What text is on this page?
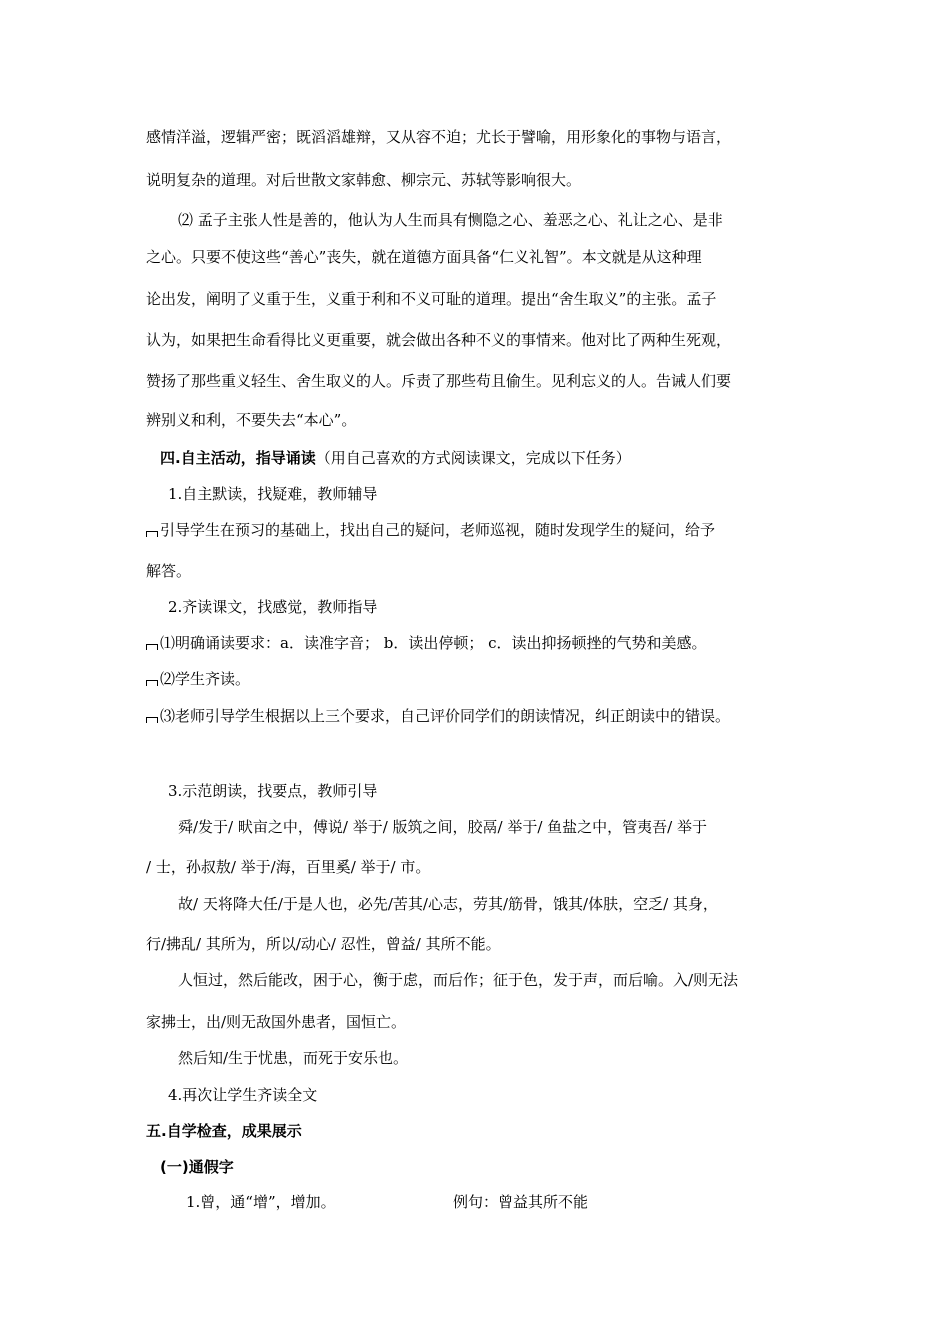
感情洋溢，逻辑严密；既滔滔雄辩，又从容不迫；尤长于譬喻，用形象化的事物与语言，
说明复杂的道理。对后世散文家韩愈、柳宗元、苏轼等影响很大。
⑵ 孟子主张人性是善的，他认为人生而具有恻隐之心、羞恶之心、礼让之心、是非
之心。只要不使这些“善心”丧失，就在道德方面具备“仁义礼智”。本文就是从这种理
论出发，阐明了义重于生，义重于利和不义可耻的道理。提出“舍生取义”的主张。孟子
认为，如果把生命看得比义更重要，就会做出各种不义的事情来。他对比了两种生死观，
赞扬了那些重义轻生、舍生取义的人。斥责了那些苟且偷生。见利忘义的人。告诫人们要
辨别义和利，不要失去“本心”。
四.自主活动，指导诵读（用自己喜欢的方式阅读课文，完成以下任务）
1.自主默读，找疑难，教师辅导
引导学生在预习的基础上，找出自己的疑问，老师巡视，随时发现学生的疑问，给予
解答。
2.齐读课文，找感觉，教师指导
⑴明确诵读要求：a．读准字音； b．读出停顿； c．读出抑扬顿挫的气势和美感。
⑵学生齐读。
⑶老师引导学生根据以上三个要求，自己评价同学们的朗读情况，纠正朗读中的错误。
3.示范朗读，找要点，教师引导
舜/发于/ 畎亩之中，傅说/ 举于/ 版筑之间，胶鬲/ 举于/ 鱼盐之中，管夷吾/ 举于
/ 士，孙叔敖/ 举于/海，百里奚/ 举于/ 市。
故/ 天将降大任/于是人也，必先/苦其/心志，劳其/筋骨，饿其/体肤，空乏/ 其身，
行/拂乱/ 其所为，所以/动心/ 忍性，曾益/ 其所不能。
人恒过，然后能改，困于心，衡于虑，而后作；征于色，发于声，而后喻。入/则无法
家拂士，出/则无敌国外患者，国恒亡。
然后知/生于忧患，而死于安乐也。
4.再次让学生齐读全文
五.自学检查，成果展示
(一)通假字
1.曾，通“增”，增加。	例句：曾益其所不能
